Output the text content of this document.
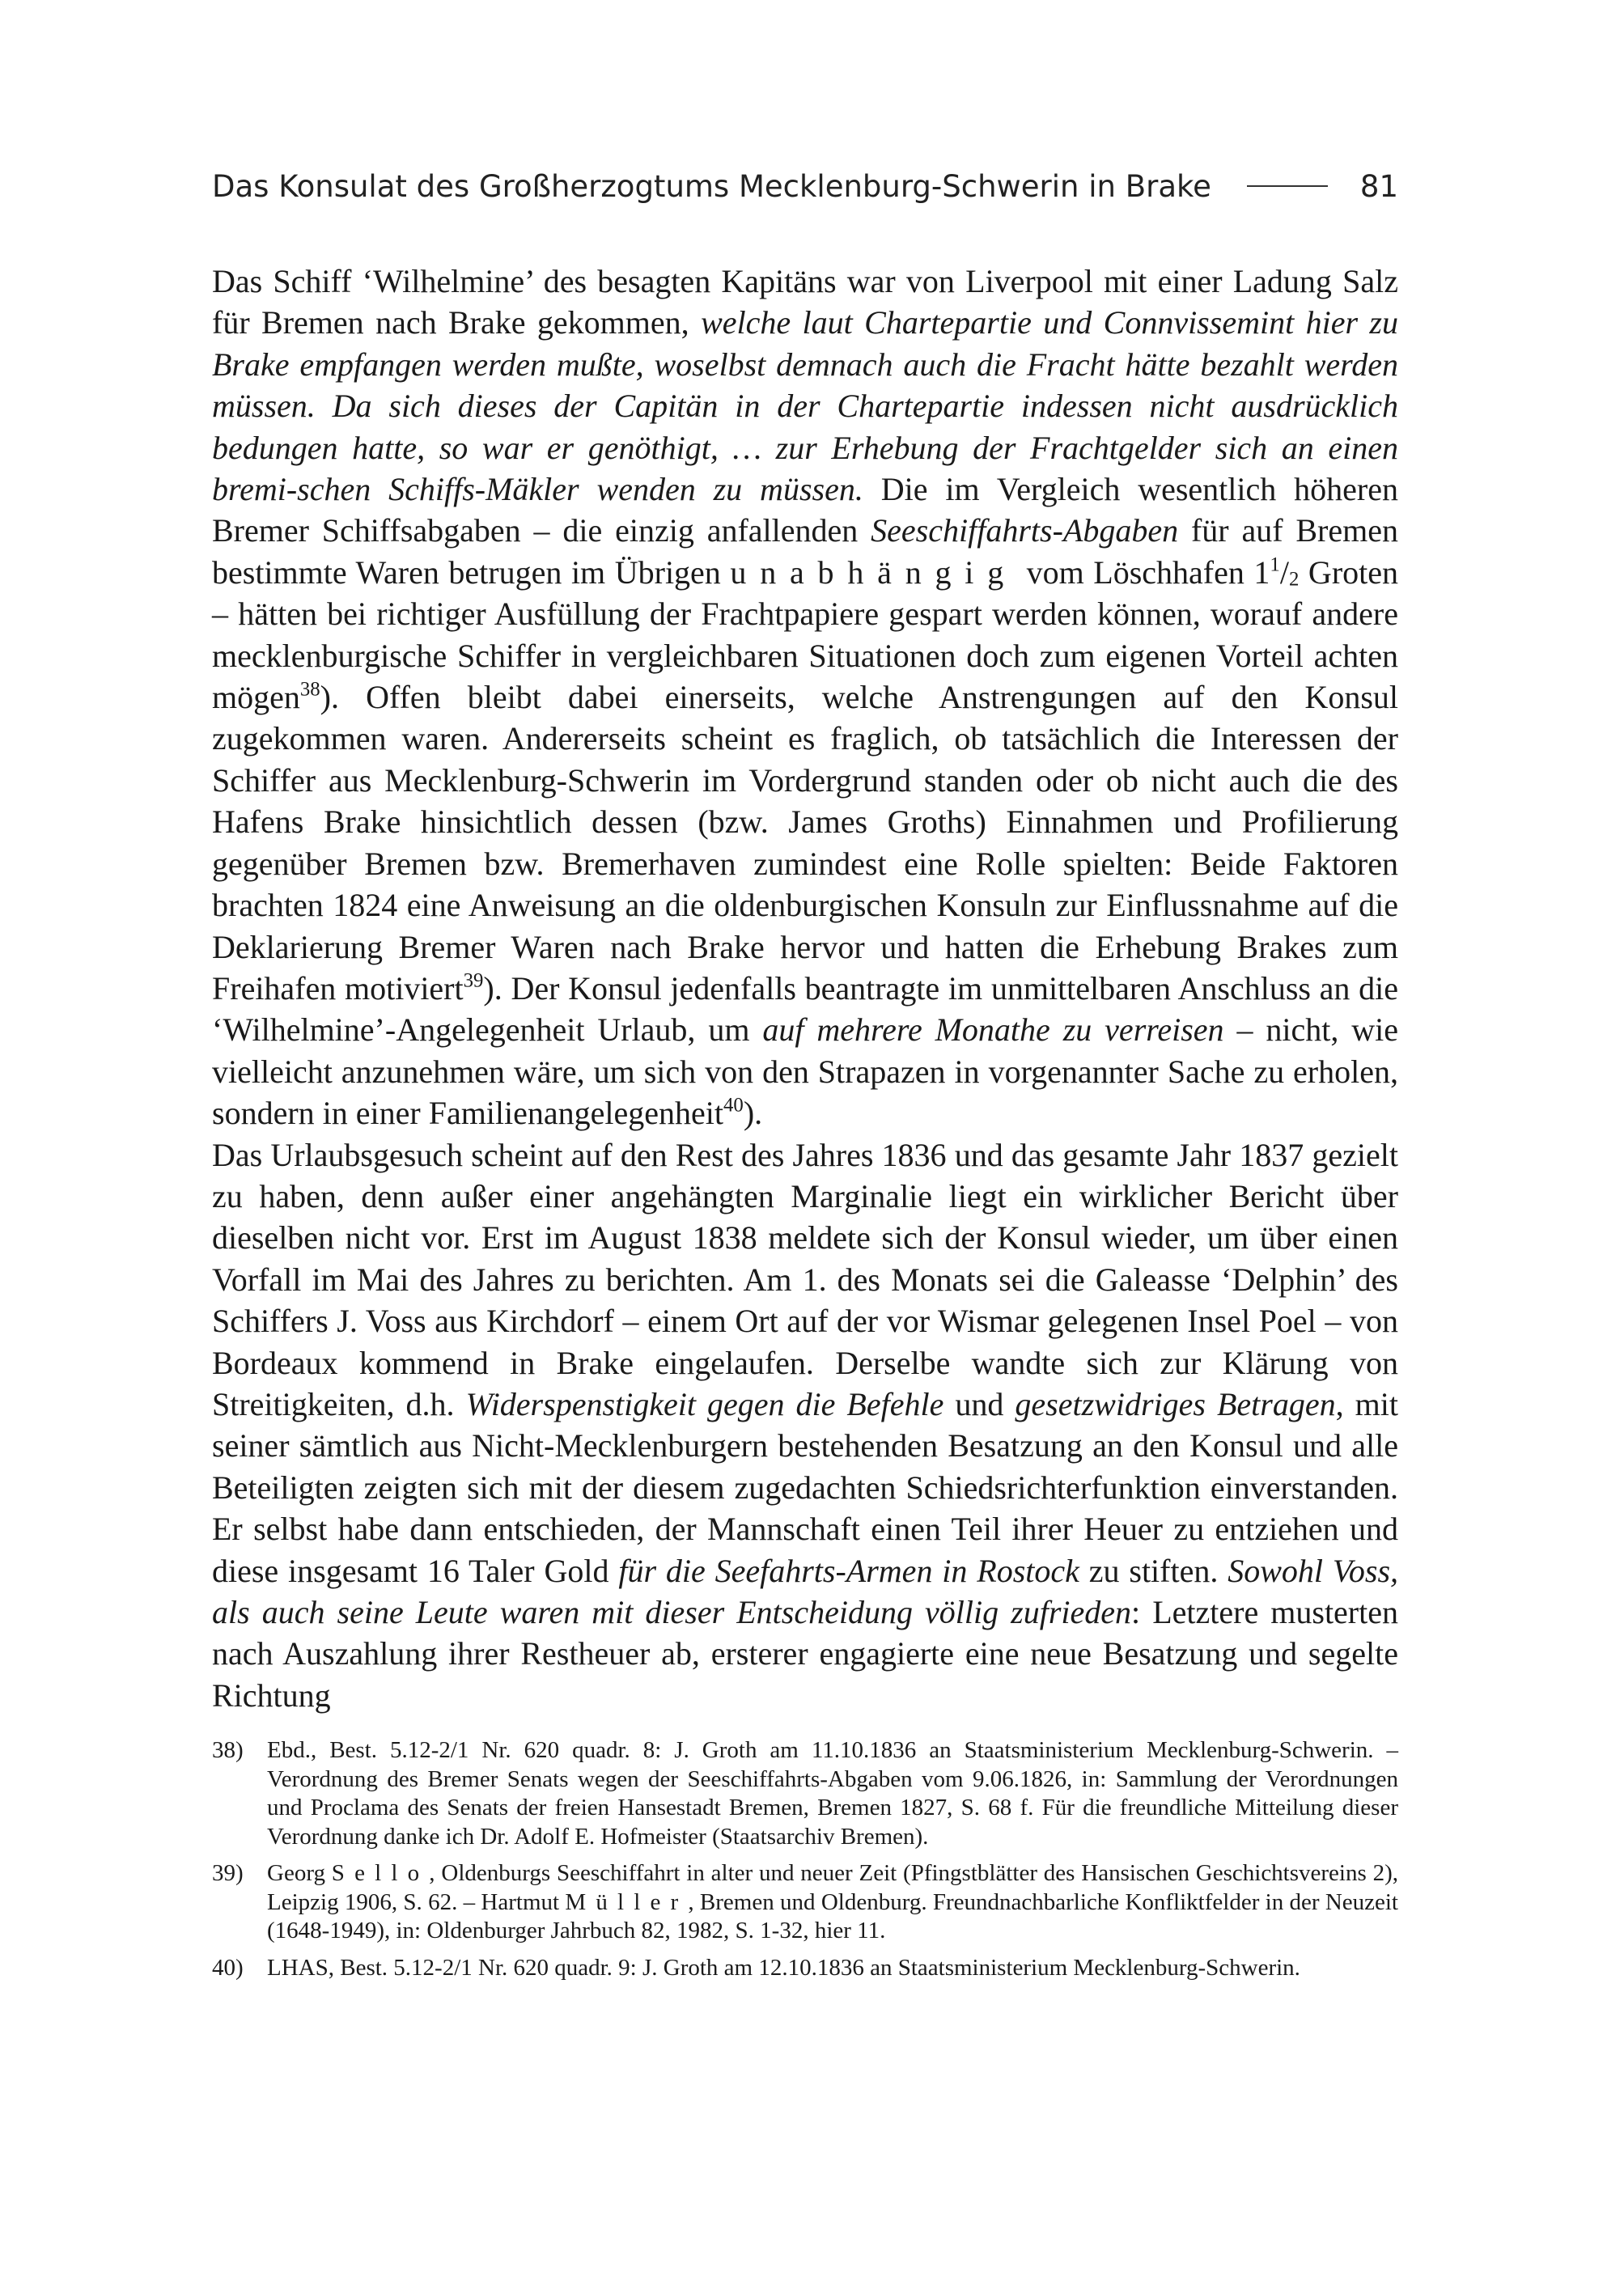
Das Konsulat des Großherzogtums Mecklenburg-Schwerin in Brake	81

Das Schiff ‘Wilhelmine’ des besagten Kapitäns war von Liverpool mit einer Ladung Salz für Bremen nach Brake gekommen, welche laut Chartepartie und Connvissemint hier zu Brake empfangen werden mußte, woselbst demnach auch die Fracht hätte bezahlt werden müssen. Da sich dieses der Capitän in der Chartepartie indessen nicht ausdrücklich bedungen hatte, so war er genöthigt, … zur Erhebung der Frachtgelder sich an einen bremi-schen Schiffs-Mäkler wenden zu müssen. Die im Vergleich wesentlich höheren Bremer Schiffsabgaben – die einzig anfallenden Seeschiffahrts-Abgaben für auf Bremen bestimmte Waren betrugen im Übrigen unabhängig vom Löschhafen $1^1/_2$ Groten – hätten bei richtiger Ausfüllung der Frachtpapiere gespart werden können, worauf andere mecklenburgische Schiffer in vergleichbaren Situationen doch zum eigenen Vorteil achten mögen$^{38}$). Offen bleibt dabei einerseits, welche Anstrengungen auf den Konsul zugekommen waren. Andererseits scheint es fraglich, ob tatsächlich die Interessen der Schiffer aus Mecklenburg-Schwerin im Vordergrund standen oder ob nicht auch die des Hafens Brake hinsichtlich dessen (bzw. James Groths) Einnahmen und Profilierung gegenüber Bremen bzw. Bremerhaven zumindest eine Rolle spielten: Beide Faktoren brachten 1824 eine Anweisung an die oldenburgischen Konsuln zur Einflussnahme auf die Deklarierung Bremer Waren nach Brake hervor und hatten die Erhebung Brakes zum Freihafen motiviert$^{39}$). Der Konsul jedenfalls beantragte im unmittelbaren Anschluss an die ‘Wilhelmine’-Angelegenheit Urlaub, um auf mehrere Monathe zu verreisen – nicht, wie vielleicht anzunehmen wäre, um sich von den Strapazen in vorgenannter Sache zu erholen, sondern in einer Familienangelegenheit$^{40}$).

Das Urlaubsgesuch scheint auf den Rest des Jahres 1836 und das gesamte Jahr 1837 gezielt zu haben, denn außer einer angehängten Marginalie liegt ein wirklicher Bericht über dieselben nicht vor. Erst im August 1838 meldete sich der Konsul wieder, um über einen Vorfall im Mai des Jahres zu berichten. Am 1. des Monats sei die Galeasse ‘Delphin’ des Schiffers J. Voss aus Kirchdorf – einem Ort auf der vor Wismar gelegenen Insel Poel – von Bordeaux kommend in Brake eingelaufen. Derselbe wandte sich zur Klärung von Streitigkeiten, d.h. Widerspenstigkeit gegen die Befehle und gesetzwidriges Betragen, mit seiner sämtlich aus Nicht-Mecklenburgern bestehenden Besatzung an den Konsul und alle Beteiligten zeigten sich mit der diesem zugedachten Schiedsrichterfunktion einverstanden. Er selbst habe dann entschieden, der Mannschaft einen Teil ihrer Heuer zu entziehen und diese insgesamt 16 Taler Gold für die Seefahrts-Armen in Rostock zu stiften. Sowohl Voss, als auch seine Leute waren mit dieser Entscheidung völlig zufrieden: Letztere musterten nach Auszahlung ihrer Restheuer ab, ersterer engagierte eine neue Besatzung und segelte Richtung

38)	Ebd., Best. 5.12-2/1 Nr. 620 quadr. 8: J. Groth am 11.10.1836 an Staatsministerium Mecklenburg-Schwerin. – Verordnung des Bremer Senats wegen der Seeschiffahrts-Abgaben vom 9.06.1826, in: Sammlung der Verordnungen und Proclama des Senats der freien Hansestadt Bremen, Bremen 1827, S. 68 f. Für die freundliche Mitteilung dieser Verordnung danke ich Dr. Adolf E. Hofmeister (Staatsarchiv Bremen).
39)	Georg Sello, Oldenburgs Seeschiffahrt in alter und neuer Zeit (Pfingstblätter des Hansischen Geschichtsvereins 2), Leipzig 1906, S. 62. – Hartmut Müller, Bremen und Oldenburg. Freundnachbarliche Konfliktfelder in der Neuzeit (1648-1949), in: Oldenburger Jahrbuch 82, 1982, S. 1-32, hier 11.
40)	LHAS, Best. 5.12-2/1 Nr. 620 quadr. 9: J. Groth am 12.10.1836 an Staatsministerium Mecklenburg-Schwerin.
